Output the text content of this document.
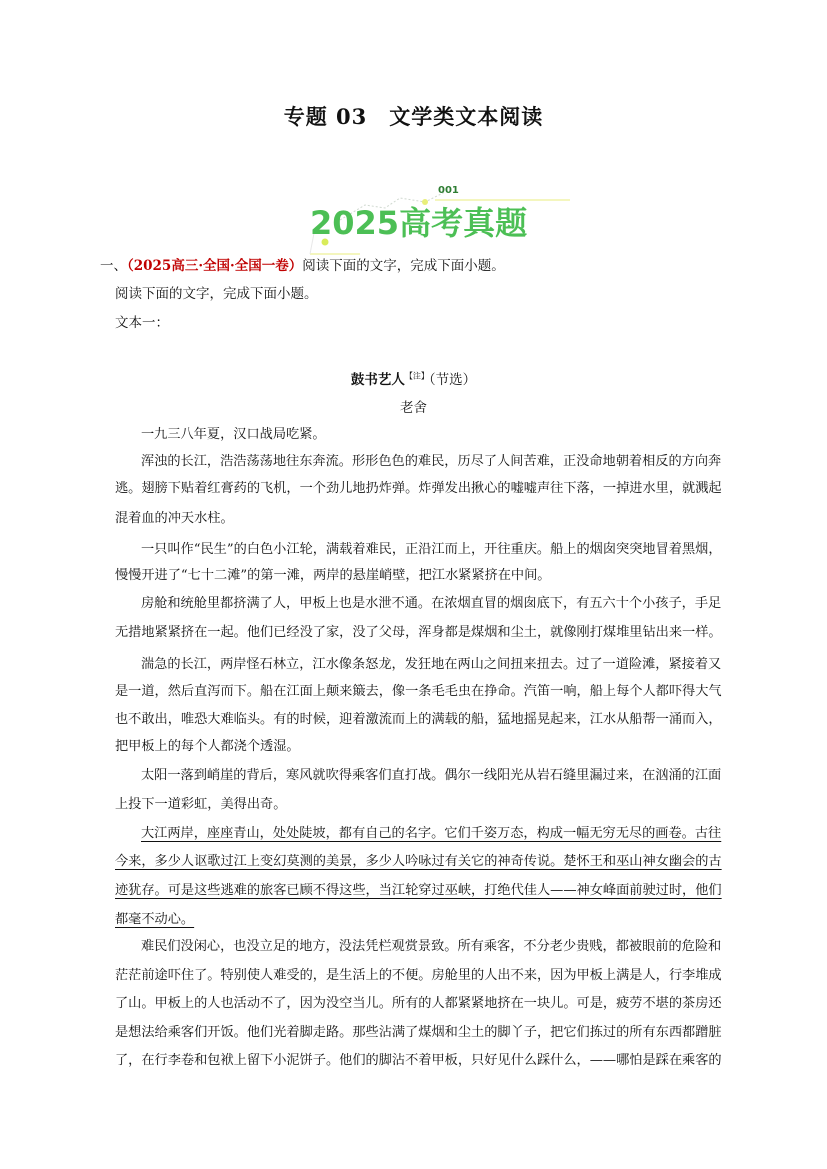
专题 03　文学类文本阅读
001
2025高考真题
一、（2025高三·全国·全国一卷）阅读下面的文字，完成下面小题。
阅读下面的文字，完成下面小题。
文本一：
鼓书艺人$^{【注】}$（节选）
老舍
一九三八年夏，汉口战局吃紧。
浑浊的长江，浩浩荡荡地往东奔流。形形色色的难民，历尽了人间苦难，正没命地朝着相反的方向奔
逃。翅膀下贴着红膏药的飞机，一个劲儿地扔炸弹。炸弹发出揪心的嘘嘘声往下落，一掉进水里，就溅起
混着血的冲天水柱。
一只叫作“民生”的白色小江轮，满载着难民，正沿江而上，开往重庆。船上的烟囱突突地冒着黑烟，
慢慢开进了“七十二滩”的第一滩，两岸的悬崖峭壁，把江水紧紧挤在中间。
房舱和统舱里都挤满了人，甲板上也是水泄不通。在浓烟直冒的烟囱底下，有五六十个小孩子，手足
无措地紧紧挤在一起。他们已经没了家，没了父母，浑身都是煤烟和尘土，就像刚打煤堆里钻出来一样。
湍急的长江，两岸怪石林立，江水像条怒龙，发狂地在两山之间扭来扭去。过了一道险滩，紧接着又
是一道，然后直泻而下。船在江面上颠来簸去，像一条毛毛虫在挣命。汽笛一响，船上每个人都吓得大气
也不敢出，唯恐大难临头。有的时候，迎着激流而上的满载的船，猛地摇晃起来，江水从船帮一涌而入，
把甲板上的每个人都浇个透湿。
太阳一落到峭崖的背后，寒风就吹得乘客们直打战。偶尔一线阳光从岩石缝里漏过来，在汹涌的江面
上投下一道彩虹，美得出奇。
大江两岸，座座青山，处处陡坡，都有自己的名字。它们千姿万态，构成一幅无穷无尽的画卷。古往
今来，多少人讴歌过江上变幻莫测的美景，多少人吟咏过有关它的神奇传说。楚怀王和巫山神女幽会的古
迹犹存。可是这些逃难的旅客已顾不得这些，当江轮穿过巫峡，打绝代佳人——神女峰面前驶过时，他们
都毫不动心。
难民们没闲心，也没立足的地方，没法凭栏观赏景致。所有乘客，不分老少贵贱，都被眼前的危险和
茫茫前途吓住了。特别使人难受的，是生活上的不便。房舱里的人出不来，因为甲板上满是人，行李堆成
了山。甲板上的人也活动不了，因为没空当儿。所有的人都紧紧地挤在一块儿。可是，疲劳不堪的茶房还
是想法给乘客们开饭。他们光着脚走路。那些沾满了煤烟和尘土的脚丫子，把它们拣过的所有东西都蹭脏
了，在行李卷和包袱上留下小泥饼子。他们的脚沾不着甲板，只好见什么踩什么，——哪怕是踩在乘客的
